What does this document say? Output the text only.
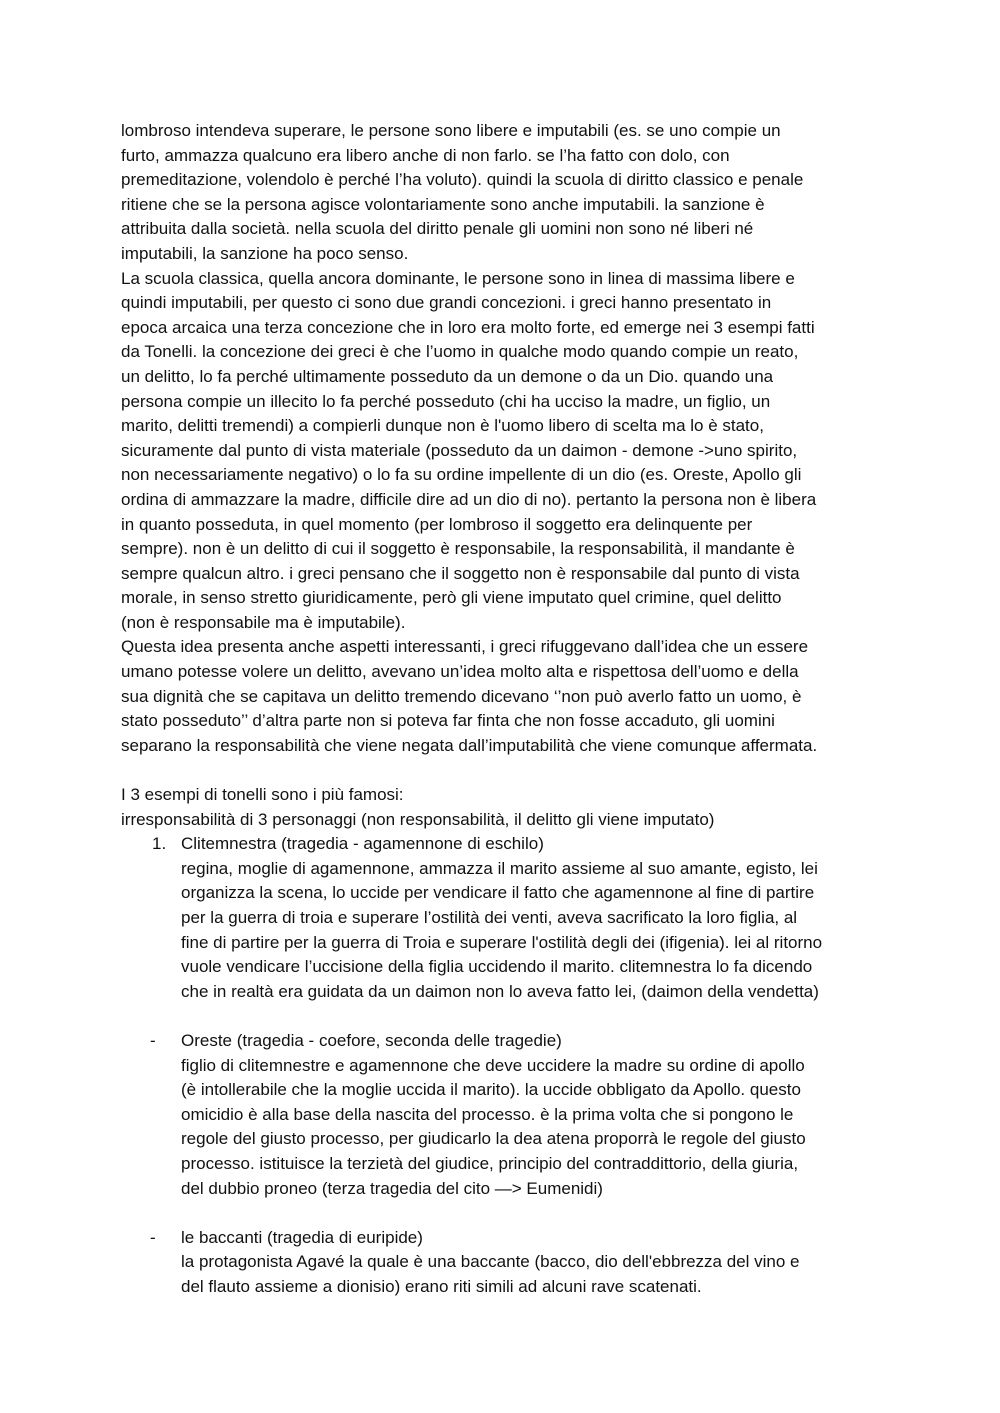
lombroso intendeva superare, le persone sono libere e imputabili (es. se uno compie un
furto, ammazza qualcuno era libero anche di non farlo. se l’ha fatto con dolo, con
premeditazione, volendolo è perché l’ha voluto). quindi la scuola di diritto classico e penale
ritiene che se la persona agisce volontariamente sono anche imputabili. la sanzione è
attribuita dalla società. nella scuola del diritto penale gli uomini non sono né liberi né
imputabili, la sanzione ha poco senso.
La scuola classica, quella ancora dominante, le persone sono in linea di massima libere e
quindi imputabili, per questo ci sono due grandi concezioni. i greci hanno presentato in
epoca arcaica una terza concezione che in loro era molto forte, ed emerge nei 3 esempi fatti
da Tonelli. la concezione dei greci è che l’uomo in qualche modo quando compie un reato,
un delitto, lo fa perché ultimamente posseduto da un demone o da un Dio. quando una
persona compie un illecito lo fa perché posseduto (chi ha ucciso la madre, un figlio, un
marito, delitti tremendi) a compierli dunque non è l'uomo libero di scelta ma lo è stato,
sicuramente dal punto di vista materiale (posseduto da un daimon - demone ->uno spirito,
non necessariamente negativo) o lo fa su ordine impellente di un dio (es. Oreste, Apollo gli
ordina di ammazzare la madre, difficile dire ad un dio di no). pertanto la persona non è libera
in quanto posseduta, in quel momento (per lombroso il soggetto era delinquente per
sempre). non è un delitto di cui il soggetto è responsabile, la responsabilità, il mandante è
sempre qualcun altro. i greci pensano che il soggetto non è responsabile dal punto di vista
morale, in senso stretto giuridicamente, però gli viene imputato quel crimine, quel delitto
(non è responsabile ma è imputabile).
Questa idea presenta anche aspetti interessanti, i greci rifuggevano dall’idea che un essere
umano potesse volere un delitto, avevano un’idea molto alta e rispettosa dell’uomo e della
sua dignità che se capitava un delitto tremendo dicevano ‘’non può averlo fatto un uomo, è
stato posseduto’’ d’altra parte non si poteva far finta che non fosse accaduto, gli uomini
separano la responsabilità che viene negata dall’imputabilità che viene comunque affermata.
I 3 esempi di tonelli sono i più famosi:
irresponsabilità di 3 personaggi (non responsabilità, il delitto gli viene imputato)
1. Clitemnestra (tragedia - agamennone di eschilo)
regina, moglie di agamennone, ammazza il marito assieme al suo amante, egisto, lei
organizza la scena, lo uccide per vendicare il fatto che agamennone al fine di partire
per la guerra di troia e superare l’ostilità dei venti, aveva sacrificato la loro figlia, al
fine di partire per la guerra di Troia e superare l'ostilità degli dei (ifigenia). lei al ritorno
vuole vendicare l’uccisione della figlia uccidendo il marito. clitemnestra lo fa dicendo
che in realtà era guidata da un daimon non lo aveva fatto lei, (daimon della vendetta)
- Oreste (tragedia - coefore, seconda delle tragedie)
figlio di clitemnestre e agamennone che deve uccidere la madre su ordine di apollo
(è intollerabile che la moglie uccida il marito). la uccide obbligato da Apollo. questo
omicidio è alla base della nascita del processo. è la prima volta che si pongono le
regole del giusto processo, per giudicarlo la dea atena proporrà le regole del giusto
processo. istituisce la terzietà del giudice, principio del contraddittorio, della giuria,
del dubbio proneo (terza tragedia del cito —> Eumenidi)
- le baccanti (tragedia di euripide)
la protagonista Agavé la quale è una baccante (bacco, dio dell'ebbrezza del vino e
del flauto assieme a dionisio) erano riti simili ad alcuni rave scatenati.
